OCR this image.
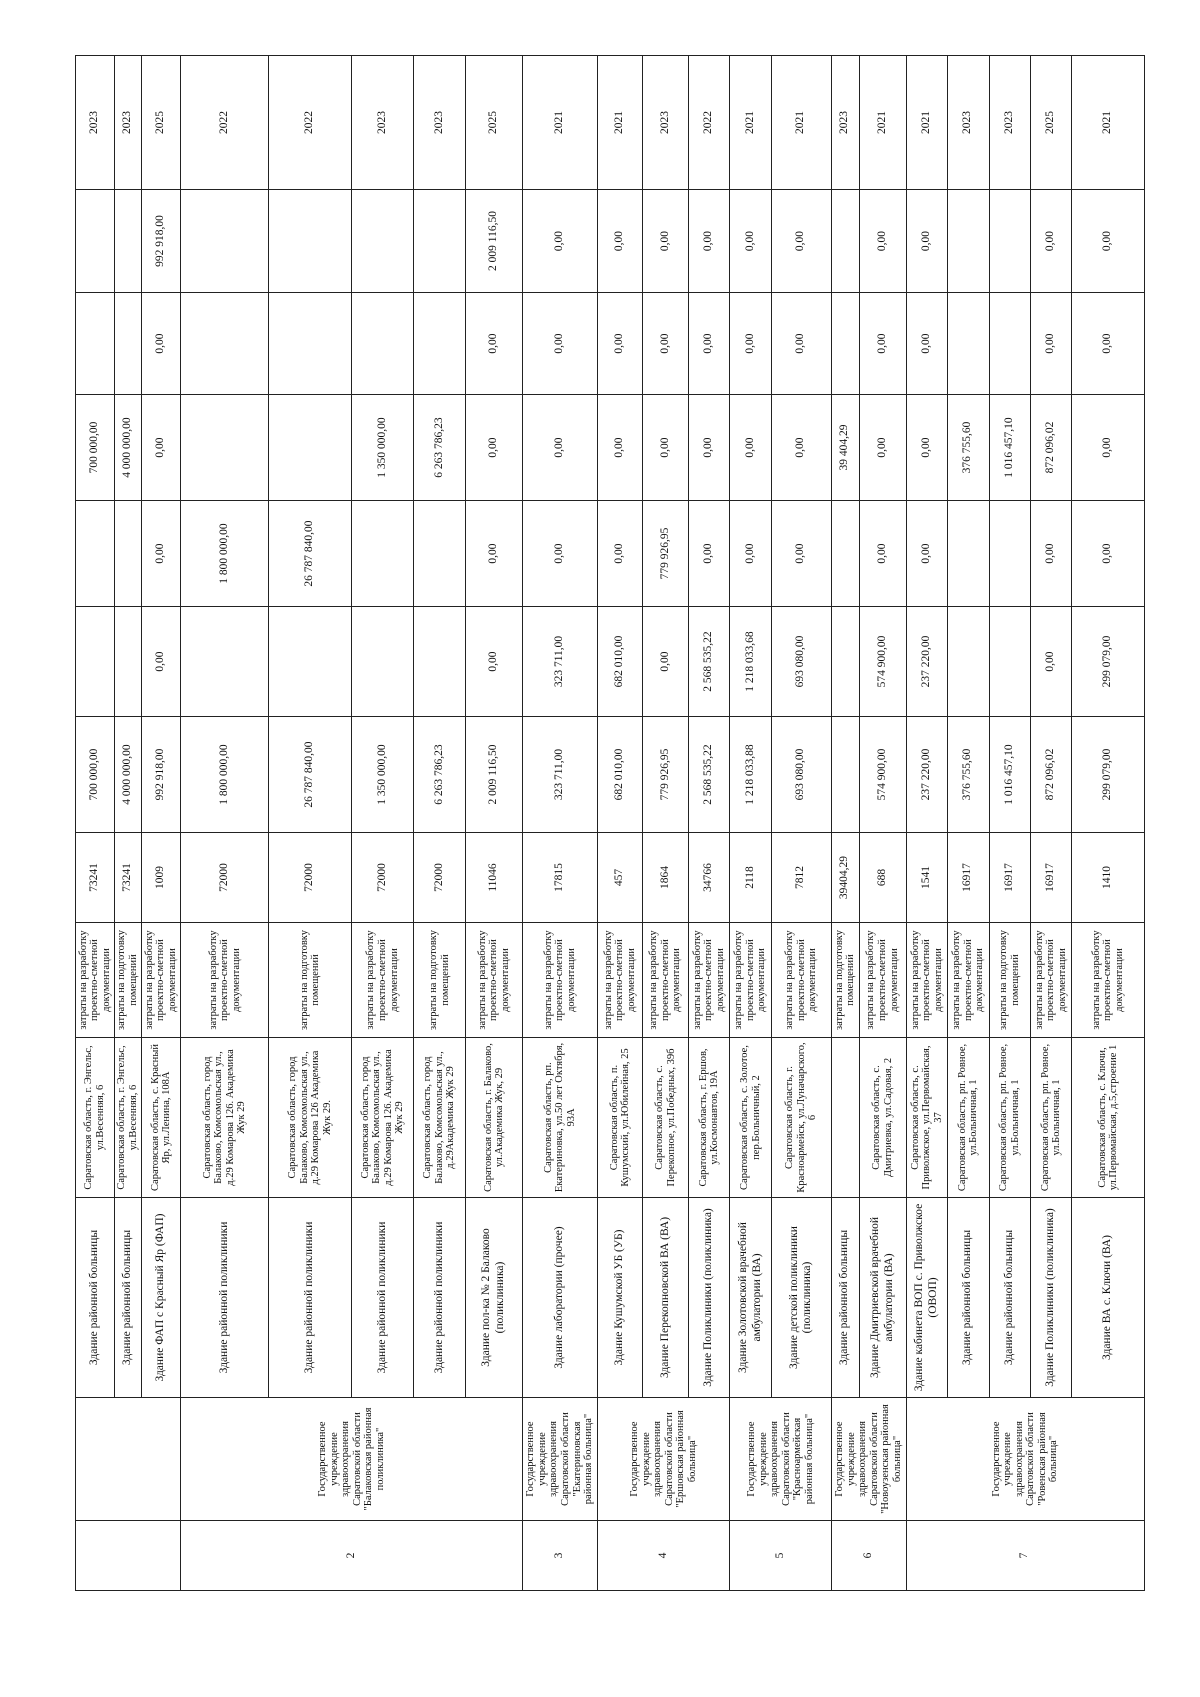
		Здание районной больницы	Саратовская область, г. Энгельс, ул.Весенняя, 6	затраты на разработку проектно-сметной документации	73241	700 000,00			700 000,00			2023
		Здание районной больницы	Саратовская область, г. Энгельс, ул.Весенняя, 6	затраты на подготовку помещений	73241	4 000 000,00			4 000 000,00			2023
		Здание ФАП с Красный Яр (ФАП)	Саратовская область, с. Красный Яр, ул.Ленина, 108А	затраты на разработку проектно-сметной документации	1009	992 918,00	0,00	0,00	0,00	0,00	992 918,00	2025
2	Государственное учреждение здравоохранения Саратовской области "Балаковская районная поликлиника"	Здание районной поликлиники	Саратовская область, город Балаково, Комсомольская ул., д.29 Комарова 126. Академика Жук 29	затраты на разработку проектно-сметной документации	72000	1 800 000,00		1 800 000,00				2022
		Здание районной поликлиники	Саратовская область, город Балаково, Комсомольская ул., д.29 Комарова 126 Академика Жук 29.	затраты на подготовку помещений	72000	26 787 840,00		26 787 840,00				2022
		Здание районной поликлиники	Саратовская область, город Балаково, Комсомольская ул., д.29 Комарова 126. Академика Жук 29	затраты на разработку проектно-сметной документации	72000	1 350 000,00			1 350 000,00			2023
		Здание районной поликлиники	Саратовская область, город Балаково, Комсомольская ул., д.29Академика Жук 29	затраты на подготовку помещений	72000	6 263 786,23			6 263 786,23			2023
		Здание пол-ка № 2 Балаково (поликлиника)	Саратовская область, г. Балаково, ул.Академика Жук, 29	затраты на разработку проектно-сметной документации	11046	2 009 116,50	0,00	0,00	0,00	0,00	2 009 116,50	2025
3	Государственное учреждение здравоохранения Саратовской области "Екатериновская районная больница"	Здание лаборатории (прочее)	Саратовская область, рп. Екатериновка, ул.50 лет Октября, 93А	затраты на разработку проектно-сметной документации	17815	323 711,00	323 711,00	0,00	0,00	0,00	0,00	2021
4	Государственное учреждение здравоохранения Саратовской области "Ершовская районная больница"	Здание Кушумской УБ (УБ)	Саратовская область, п. Кушумский, ул.Юбилейная, 25	затраты на разработку проектно-сметной документации	457	682 010,00	682 010,00	0,00	0,00	0,00	0,00	2021
		Здание Перекопновской ВА (ВА)	Саратовская область, с. Перекопное, ул.Победных, 39б	затраты на разработку проектно-сметной документации	1864	779 926,95	0,00	779 926,95	0,00	0,00	0,00	2023
		Здание Поликлиники (поликлиника)	Саратовская область, г. Ершов, ул.Космонавтов, 19А	затраты на разработку проектно-сметной документации	34766	2 568 535,22	2 568 535,22	0,00	0,00	0,00	0,00	2022
5	Государственное учреждение здравоохранения Саратовской области "Красноармейская районная больница"	Здание Золотовской врачебной амбулатории (ВА)	Саратовская область, с. Золотое, пер.Больничный, 2	затраты на разработку проектно-сметной документации	2118	1 218 033,88	1 218 033,68	0,00	0,00	0,00	0,00	2021
		Здание детской поликлиники (поликлиника)	Саратовская область, г. Красноармейск, ул.Луначарского, 6	затраты на разработку проектно-сметной документации	7812	693 080,00	693 080,00	0,00	0,00	0,00	0,00	2021
6	Государственное учреждение здравоохранения Саратовской области "Новоузенская районная больница"	Здание районной больницы		затраты на подготовку помещений	39404,29				39 404,29			2023
		Здание Дмитриевской врачебной амбулатории (ВА)	Саратовская область, с. Дмитриевка, ул.Садовая, 2	затраты на разработку проектно-сметной документации	688	574 900,00	574 900,00	0,00	0,00	0,00	0,00	2021
7	Государственное учреждение здравоохранения Саратовской области "Ровенская районная больница"	Здание кабинета ВОП с. Приволжское (ОВОП)	Саратовская область, с. Приволжское, ул.Первомайская, 37	затраты на разработку проектно-сметной документации	1541	237 220,00	237 220,00	0,00	0,00	0,00	0,00	2021
		Здание районной больницы	Саратовская область, рп. Ровное, ул.Больничная, 1	затраты на разработку проектно-сметной документации	16917	376 755,60			376 755,60			2023
		Здание районной больницы	Саратовская область, рп. Ровное, ул.Больничная, 1	затраты на подготовку помещений	16917	1 016 457,10			1 016 457,10			2023
		Здание Поликлиники (поликлиника)	Саратовская область, рп. Ровное, ул.Больничная, 1	затраты на разработку проектно-сметной документации	16917	872 096,02	0,00	0,00	872 096,02	0,00	0,00	2025
		Здание ВА с. Ключи (ВА)	Саратовская область, с. Ключи, ул.Первомайская, д.5,строение 1	затраты на разработку проектно-сметной документации	1410	299 079,00	299 079,00	0,00	0,00	0,00	0,00	2021
